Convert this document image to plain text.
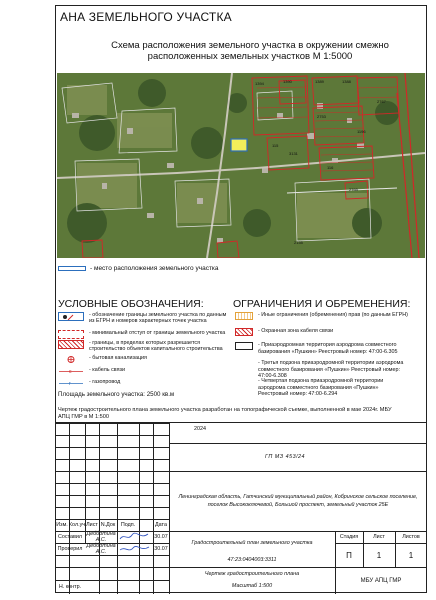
АНА ЗЕМЕЛЬНОГО УЧАСТКА
Схема расположения земельного участка в окружении смежно расположенных земельных участков М 1:5000
1394	1390	1389	1388 2753 3131 115 116 2765 2155 1196 2767
- место расположения земельного участка
УСЛОВНЫЕ ОБОЗНАЧЕНИЯ:	ОГРАНИЧЕНИЯ И ОБРЕМЕНЕНИЯ:
- обозначение границы земельного участка по данным из ЕГРН и номеров характерных точек участка
- минимальный отступ от границы земельного участка
- границы, в пределах которых разрешается строительство объектов капитального строительства
- бытовая канализация
с	- кабель связи
г	- газопровод
- Иные ограничения (обременения) прав (по данным ЕГРН)
- Охранная зона кабеля связи
- Приаэродромная территория аэродрома совместного базирования «Пушкин» Реестровый номер: 47:00-6.305
- Третья подзона приаэродромной территории аэродрома совместного базирования «Пушкин» Реестровый номер: 47:00-6.308
- Четвертая подзона приаэродромной территории аэродрома совместного базирования «Пушкин» Реестровый номер: 47:00-6.294
Площадь земельного участка: 2500 кв.м
Чертеж градостроительного плана земельного участка разработан на топографической съемке, выполненной в мае 2024г. МБУ АПЦ ГМР в М 1:500
2024
ГП МЗ 453/24
Ленинградская область, Гатчинский муниципальный район, Кобринское сельское поселение, поселок Высокоключевой, Большой проспект, земельный участок 25Е
Изм. Кол.уч Лист N.Док	Подп.	Дата
Составил Дебботина А.С.	30.07
Проверил Дебботина А.С.	30.07
Н. контр.
Градостроительный план земельного участка
47:23:0404003:3311
Стадия	Лист	Листов
П	1	1
Чертеж градостроительного плана
Масштаб 1:500
МБУ АПЦ ГМР
